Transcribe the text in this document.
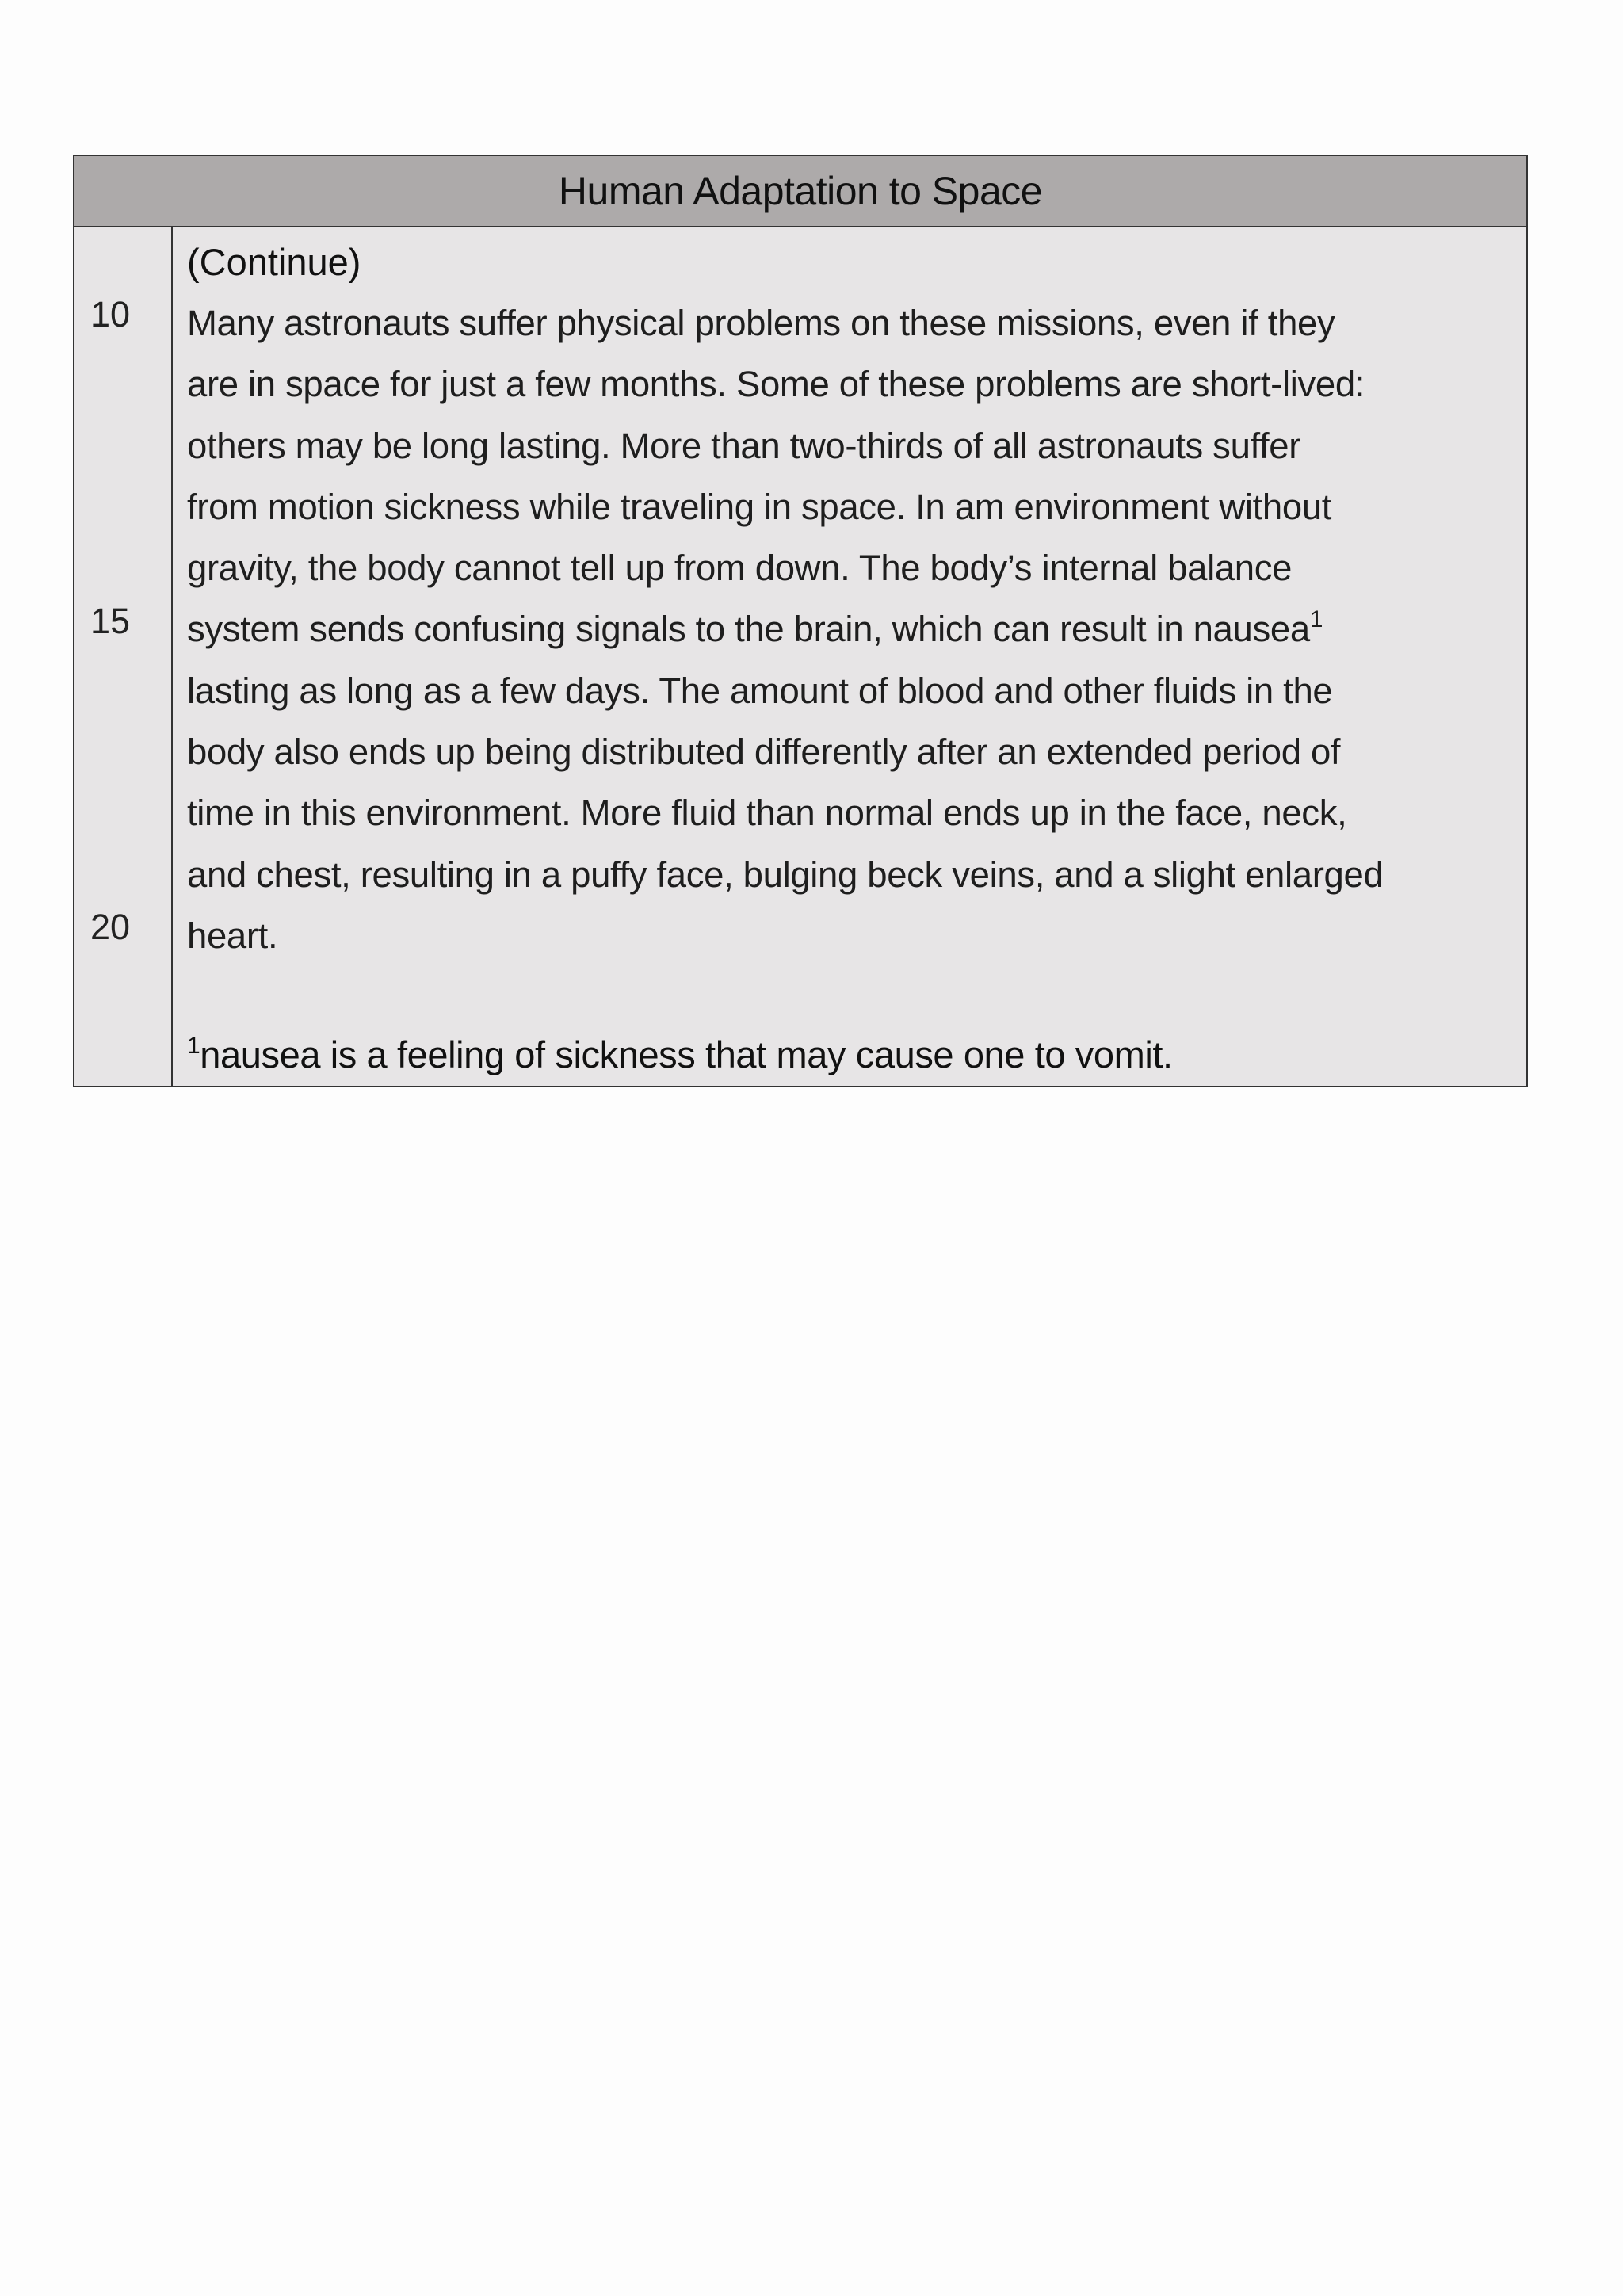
Human Adaptation to Space
10
15
20
(Continue)
Many astronauts suffer physical problems on these missions, even if they
are in space for just a few months. Some of these problems are short-lived:
others may be long lasting. More than two-thirds of all astronauts suffer
from motion sickness while traveling in space. In am environment without
gravity, the body cannot tell up from down. The body’s internal balance
system sends confusing signals to the brain, which can result in nausea$^1$
lasting as long as a few days. The amount of blood and other fluids in the
body also ends up being distributed differently after an extended period of
time in this environment. More fluid than normal ends up in the face, neck,
and chest, resulting in a puffy face, bulging beck veins, and a slight enlarged
heart.
$^1$nausea is a feeling of sickness that may cause one to vomit.
